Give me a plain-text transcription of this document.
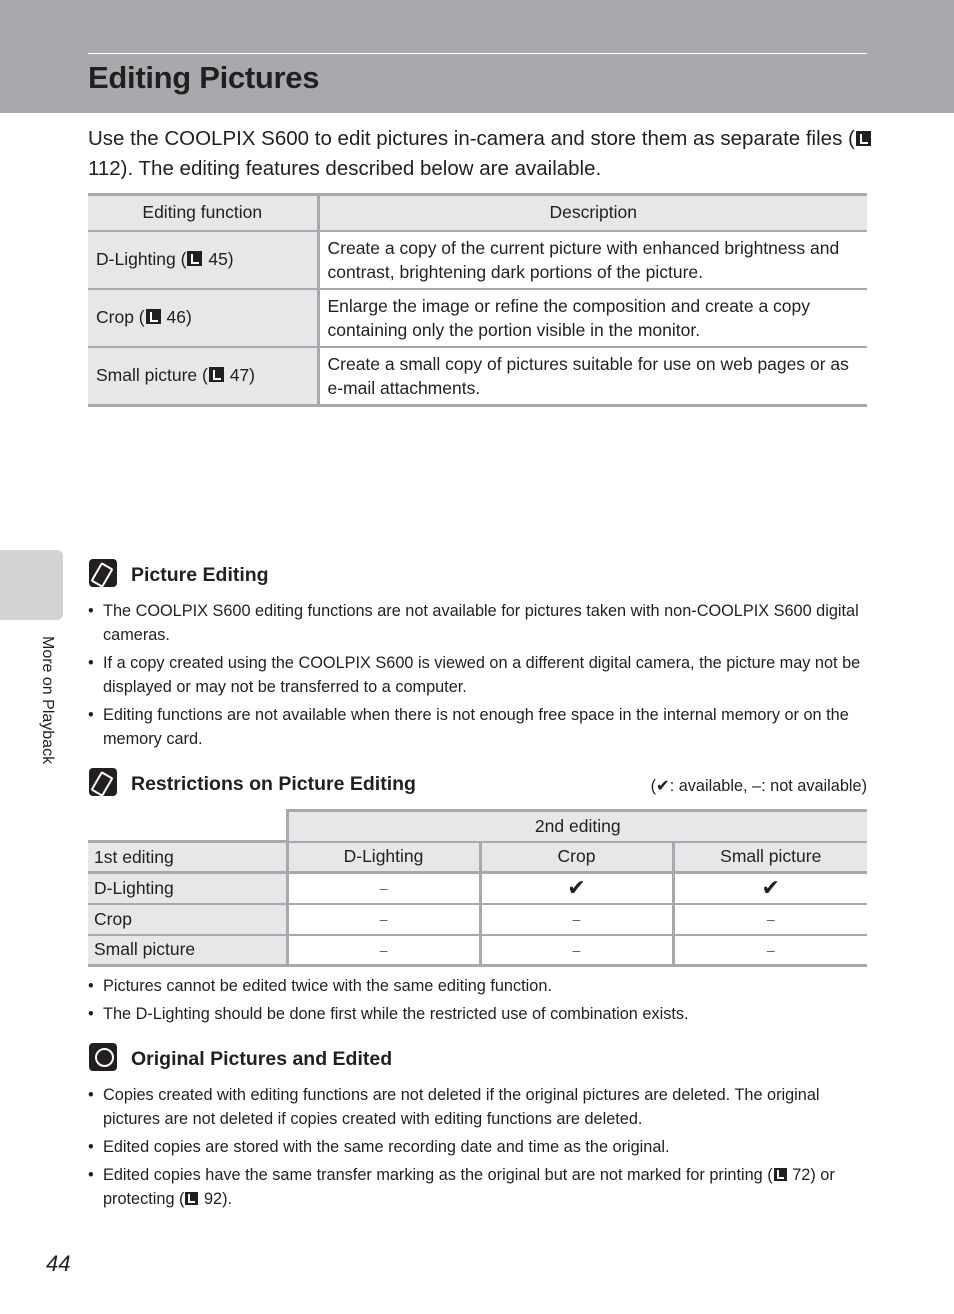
Editing Pictures

Use the COOLPIX S600 to edit pictures in-camera and store them as separate files ( 112). The editing features described below are available.

Editing function	Description
D-Lighting ( 45)	Create a copy of the current picture with enhanced brightness and contrast, brightening dark portions of the picture.
Crop ( 46)	Enlarge the image or refine the composition and create a copy containing only the portion visible in the monitor.
Small picture ( 47)	Create a small copy of pictures suitable for use on web pages or as e-mail attachments.
More on Playback
Picture Editing
• The COOLPIX S600 editing functions are not available for pictures taken with non-COOLPIX S600 digital cameras.
• If a copy created using the COOLPIX S600 is viewed on a different digital camera, the picture may not be displayed or may not be transferred to a computer.
• Editing functions are not available when there is not enough free space in the internal memory or on the memory card.
Restrictions on Picture Editing	(✔: available, –: not available)
	2nd editing		
1st editing	D-Lighting	Crop	Small picture
D-Lighting	–	✔	✔
Crop	–	–	–
Small picture	–	–	–
• Pictures cannot be edited twice with the same editing function.
• The D-Lighting should be done first while the restricted use of combination exists.
Original Pictures and Edited
• Copies created with editing functions are not deleted if the original pictures are deleted. The original pictures are not deleted if copies created with editing functions are deleted.
• Edited copies are stored with the same recording date and time as the original.
• Edited copies have the same transfer marking as the original but are not marked for printing ( 72) or protecting ( 92).
44
